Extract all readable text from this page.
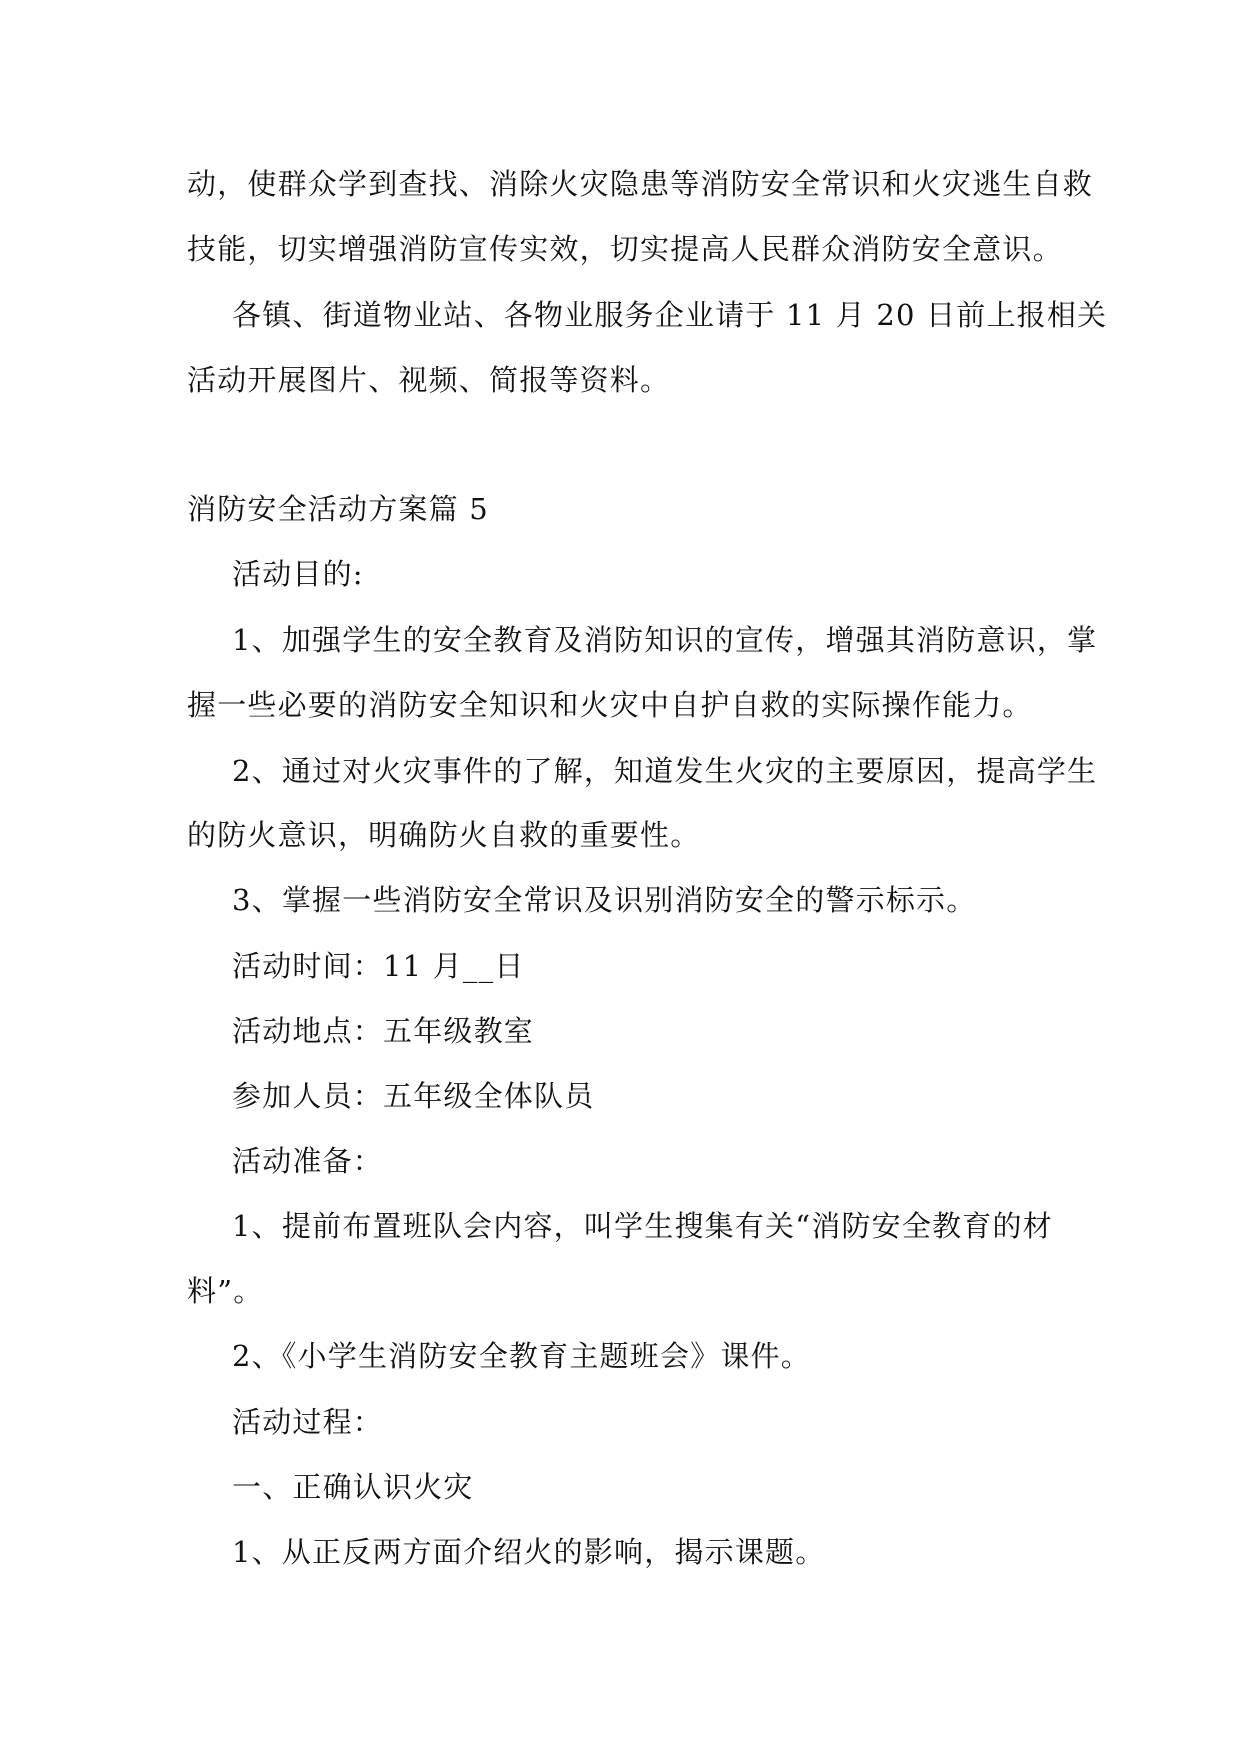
动，使群众学到查找、消除火灾隐患等消防安全常识和火灾逃生自救
技能，切实增强消防宣传实效，切实提高人民群众消防安全意识。
各镇、街道物业站、各物业服务企业请于 11 月 20 日前上报相关
活动开展图片、视频、简报等资料。
消防安全活动方案篇 5
活动目的:
1、加强学生的安全教育及消防知识的宣传，增强其消防意识，掌
握一些必要的消防安全知识和火灾中自护自救的实际操作能力。
2、通过对火灾事件的了解，知道发生火灾的主要原因，提高学生
的防火意识，明确防火自救的重要性。
3、掌握一些消防安全常识及识别消防安全的警示标示。
活动时间：11 月__日
活动地点：五年级教室
参加人员：五年级全体队员
活动准备：
1、提前布置班队会内容，叫学生搜集有关“消防安全教育的材
料”。
2、《小学生消防安全教育主题班会》课件。
活动过程：
一、正确认识火灾
1、从正反两方面介绍火的影响，揭示课题。
